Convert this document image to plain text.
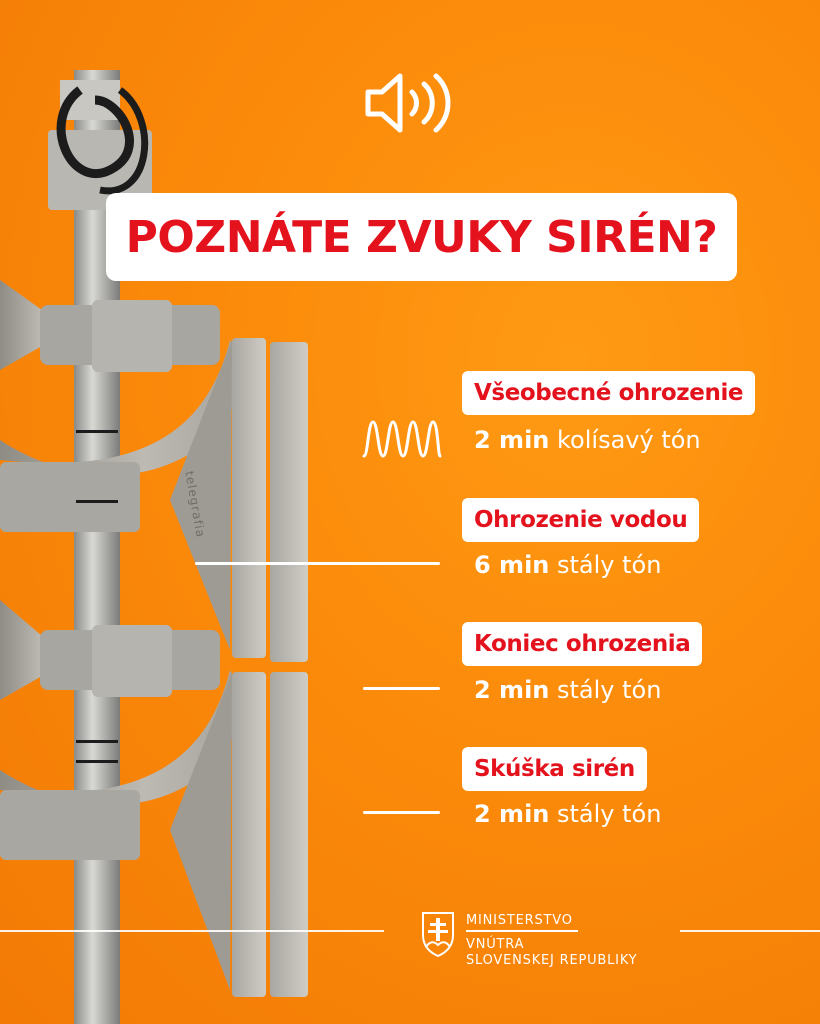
telegrafia
POZNÁTE ZVUKY SIRÉN?
Všeobecné ohrozenie
2 min kolísavý tón
Ohrozenie vodou
6 min stály tón
Koniec ohrozenia
2 min stály tón
Skúška sirén
2 min stály tón
MINISTERSTVO
VNÚTRA
SLOVENSKEJ REPUBLIKY
